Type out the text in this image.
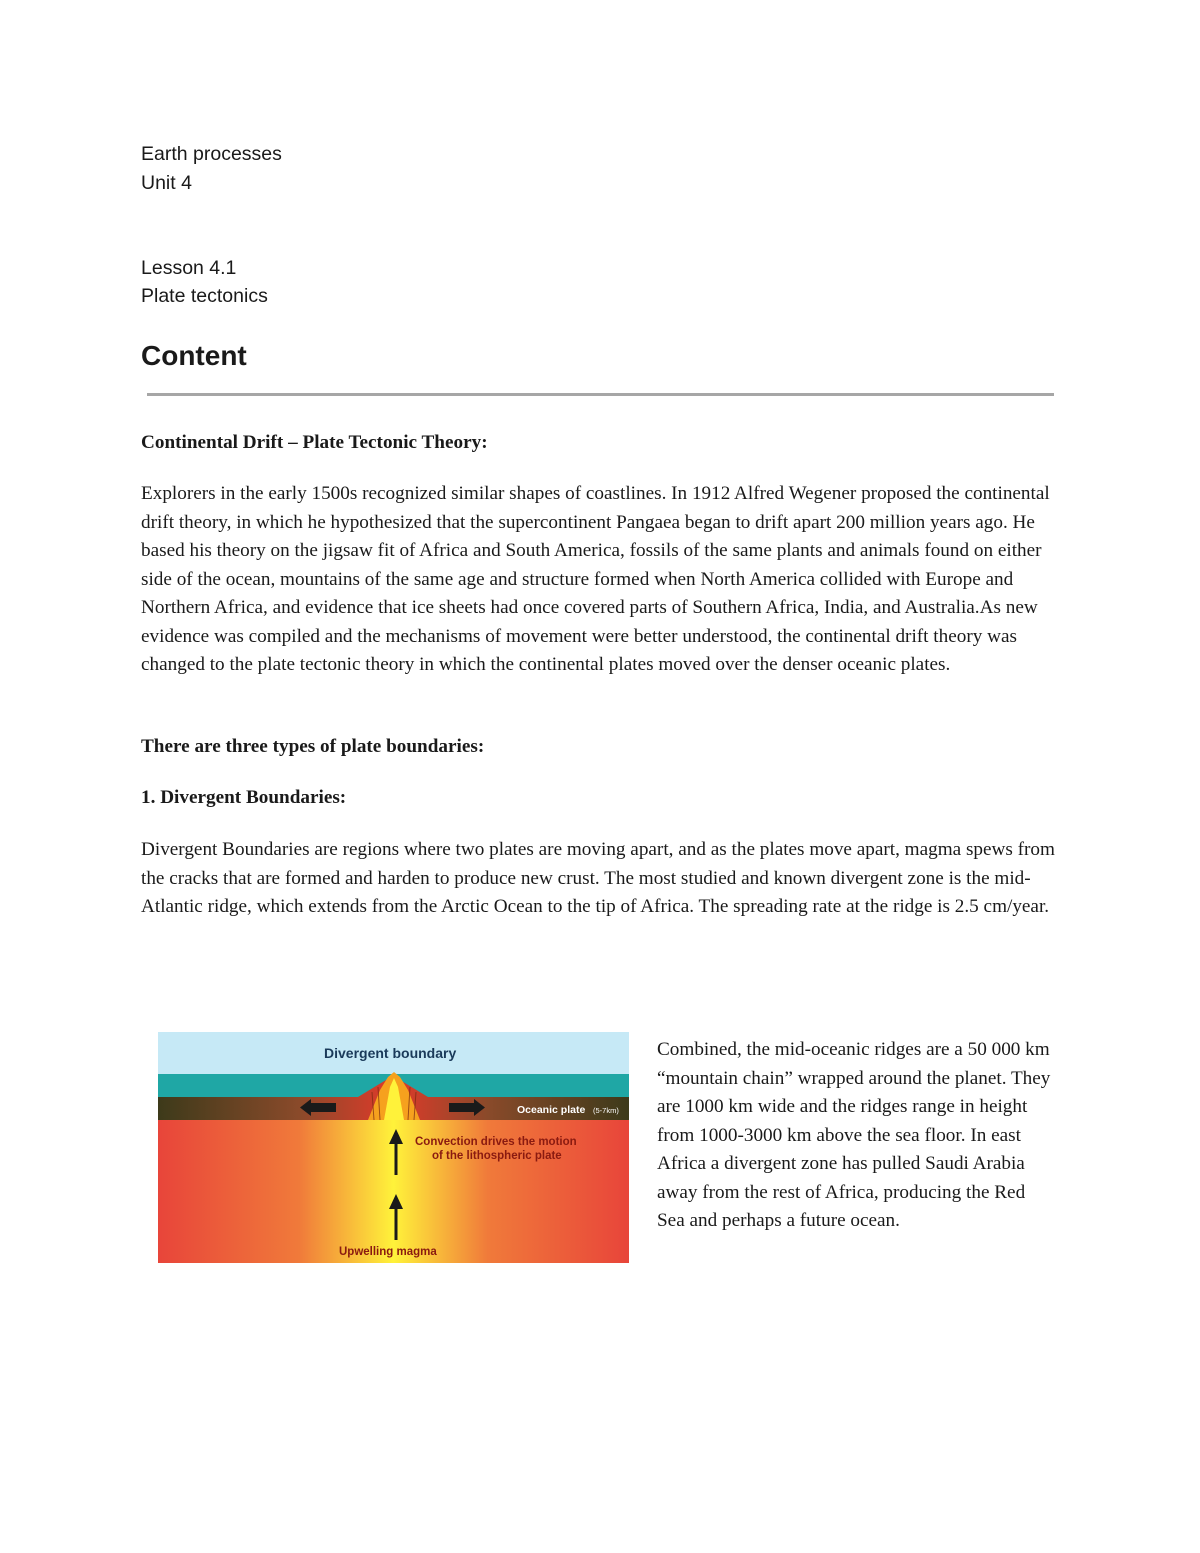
Earth processes
Unit 4
Lesson 4.1
Plate tectonics
Content
Continental Drift – Plate Tectonic Theory:
Explorers in the early 1500s recognized similar shapes of coastlines. In 1912 Alfred Wegener proposed the continental drift theory, in which he hypothesized that the supercontinent Pangaea began to drift apart 200 million years ago. He based his theory on the jigsaw fit of Africa and South America, fossils of the same plants and animals found on either side of the ocean, mountains of the same age and structure formed when North America collided with Europe and Northern Africa, and evidence that ice sheets had once covered parts of Southern Africa, India, and Australia.As new evidence was compiled and the mechanisms of movement were better understood, the continental drift theory was changed to the plate tectonic theory in which the continental plates moved over the denser oceanic plates.
There are three types of plate boundaries:
1. Divergent Boundaries:
Divergent Boundaries are regions where two plates are moving apart, and as the plates move apart, magma spews from the cracks that are formed and harden to produce new crust. The most studied and known divergent zone is the mid-Atlantic ridge, which extends from the Arctic Ocean to the tip of Africa. The spreading rate at the ridge is 2.5 cm/year.
Divergent boundary
Oceanic plate (5-7km)
Convection drives the motion
of the lithospheric plate
Upwelling magma
Combined, the mid-oceanic ridges are a 50 000 km “mountain chain” wrapped around the planet. They are 1000 km wide and the ridges range in height from 1000-3000 km above the sea floor. In east Africa a divergent zone has pulled Saudi Arabia away from the rest of Africa, producing the Red Sea and perhaps a future ocean.
